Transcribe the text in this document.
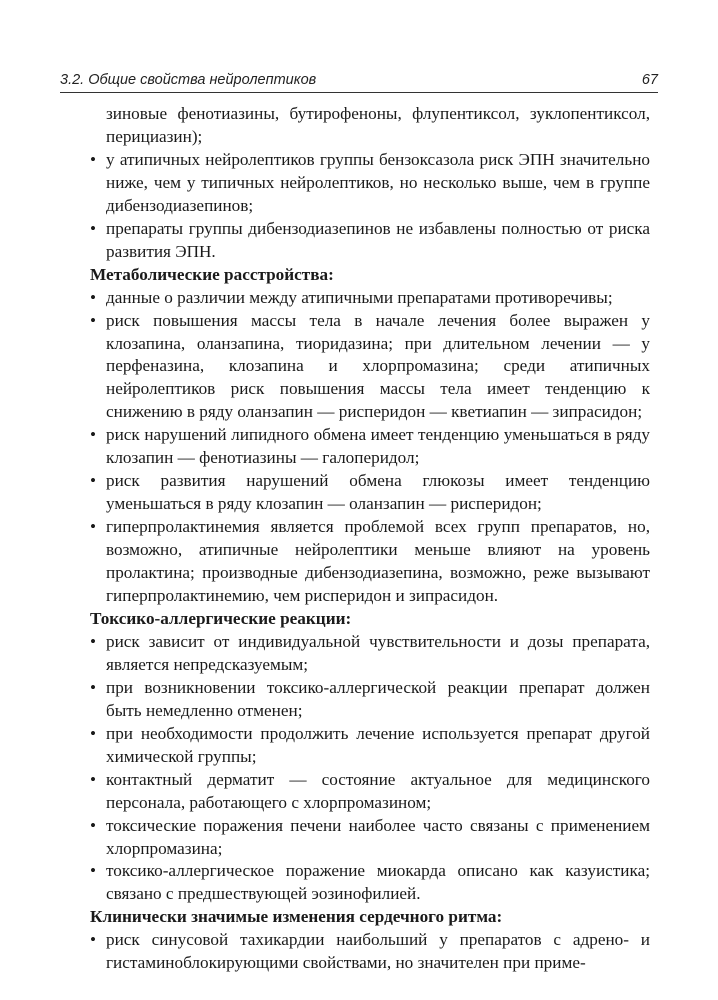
3.2. Общие свойства нейролептиков	67

зиновые фенотиазины, бутирофеноны, флупентиксол, зуклопентиксол, перициазин);

• у атипичных нейролептиков группы бензоксазола риск ЭПН значительно ниже, чем у типичных нейролептиков, но несколько выше, чем в группе дибензодиазепинов;

• препараты группы дибензодиазепинов не избавлены полностью от риска развития ЭПН.

Метаболические расстройства:

• данные о различии между атипичными препаратами противоречивы;

• риск повышения массы тела в начале лечения более выражен у клозапина, оланзапина, тиоридазина; при длительном лечении — у перфеназина, клозапина и хлорпромазина; среди атипичных нейролептиков риск повышения массы тела имеет тенденцию к снижению в ряду оланзапин — рисперидон — кветиапин — зипрасидон;

• риск нарушений липидного обмена имеет тенденцию уменьшаться в ряду клозапин — фенотиазины — галоперидол;

• риск развития нарушений обмена глюкозы имеет тенденцию уменьшаться в ряду клозапин — оланзапин — рисперидон;

• гиперпролактинемия является проблемой всех групп препаратов, но, возможно, атипичные нейролептики меньше влияют на уровень пролактина; производные дибензодиазепина, возможно, реже вызывают гиперпролактинемию, чем рисперидон и зипрасидон.

Токсико-аллергические реакции:

• риск зависит от индивидуальной чувствительности и дозы препарата, является непредсказуемым;

• при возникновении токсико-аллергической реакции препарат должен быть немедленно отменен;

• при необходимости продолжить лечение используется препарат другой химической группы;

• контактный дерматит — состояние актуальное для медицинского персонала, работающего с хлорпромазином;

• токсические поражения печени наиболее часто связаны с применением хлорпромазина;

• токсико-аллергическое поражение миокарда описано как казуистика; связано с предшествующей эозинофилией.

Клинически значимые изменения сердечного ритма:

• риск синусовой тахикардии наибольший у препаратов с адрено- и гистаминоблокирующими свойствами, но значителен при приме-
